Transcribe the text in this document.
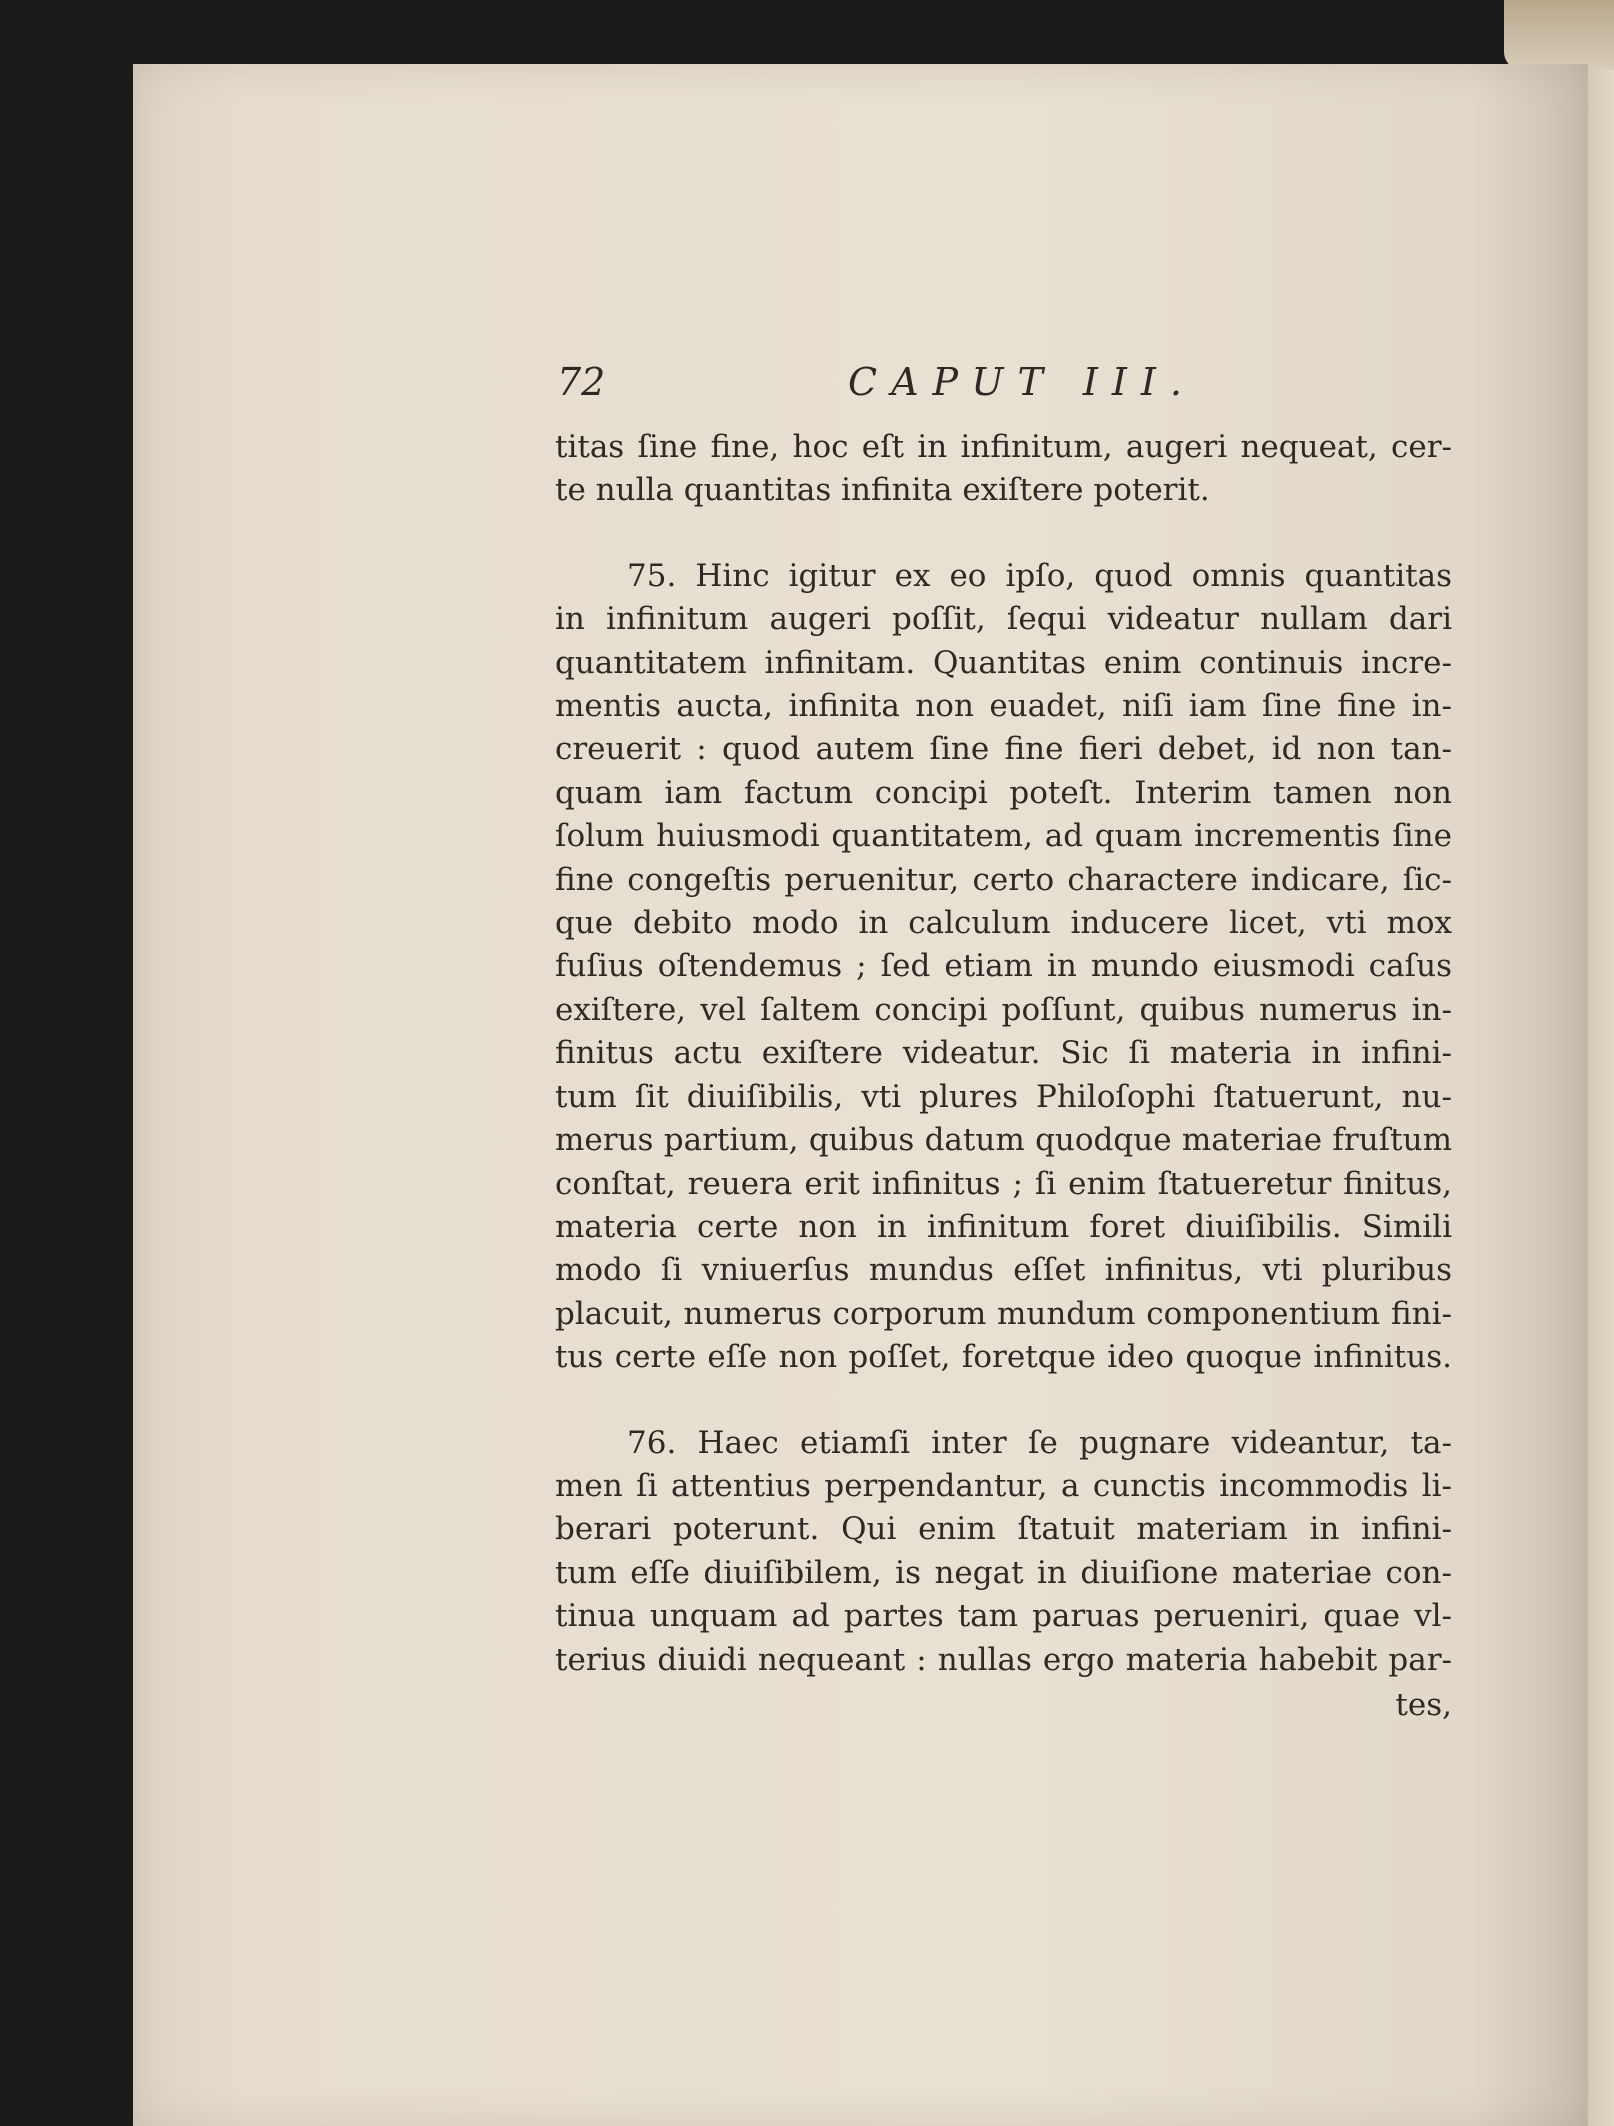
72	CAPUT III.
titas ſine fine, hoc eſt in infinitum, augeri nequeat, cer-
te nulla quantitas infinita exiſtere poterit.
75. Hinc igitur ex eo ipſo, quod omnis quantitas
in infinitum augeri poſſit, ſequi videatur nullam dari
quantitatem infinitam. Quantitas enim continuis incre-
mentis aucta, infinita non euadet, niſi iam ſine fine in-
creuerit : quod autem ſine fine fieri debet, id non tan-
quam iam factum concipi poteſt. Interim tamen non
ſolum huiusmodi quantitatem, ad quam incrementis ſine
fine congeſtis peruenitur, certo charactere indicare, ſic-
que debito modo in calculum inducere licet, vti mox
fuſius oſtendemus ; ſed etiam in mundo eiusmodi caſus
exiſtere, vel ſaltem concipi poſſunt, quibus numerus in-
finitus actu exiſtere videatur. Sic ſi materia in infini-
tum ſit diuiſibilis, vti plures Philoſophi ſtatuerunt, nu-
merus partium, quibus datum quodque materiae fruſtum
conſtat, reuera erit infinitus ; ſi enim ſtatueretur finitus,
materia certe non in infinitum foret diuiſibilis. Simili
modo ſi vniuerſus mundus eſſet infinitus, vti pluribus
placuit, numerus corporum mundum componentium fini-
tus certe eſſe non poſſet, foretque ideo quoque infinitus.
76. Haec etiamſi inter ſe pugnare videantur, ta-
men ſi attentius perpendantur, a cunctis incommodis li-
berari poterunt. Qui enim ſtatuit materiam in infini-
tum eſſe diuiſibilem, is negat in diuiſione materiae con-
tinua unquam ad partes tam paruas perueniri, quae vl-
terius diuidi nequeant : nullas ergo materia habebit par-
tes,
